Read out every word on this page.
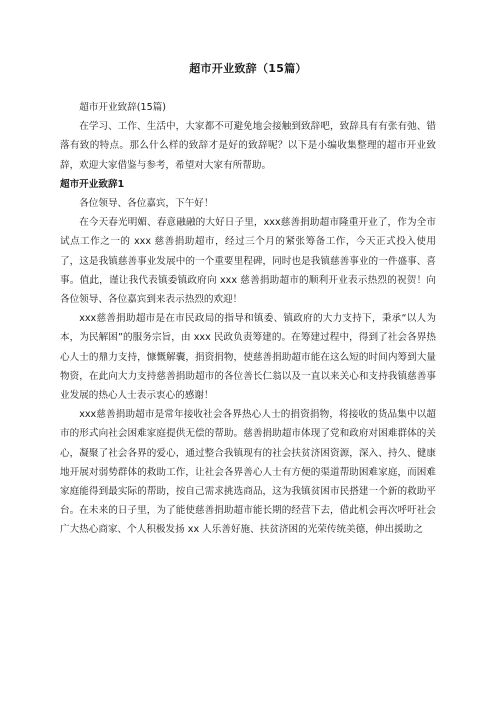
超市开业致辞（15篇）

超市开业致辞(15篇)

在学习、工作、生活中，大家都不可避免地会接触到致辞吧，致辞具有有张有弛、错落有致的特点。那么什么样的致辞才是好的致辞呢？以下是小编收集整理的超市开业致辞，欢迎大家借鉴与参考，希望对大家有所帮助。

超市开业致辞1

各位领导、各位嘉宾，下午好！

在今天春光明媚、春意融融的大好日子里，xxx慈善捐助超市隆重开业了，作为全市试点工作之一的 xxx 慈善捐助超市，经过三个月的紧张筹备工作，今天正式投入使用了，这是我镇慈善事业发展中的一个重要里程碑，同时也是我镇慈善事业的一件盛事、喜事。值此，谨让我代表镇委镇政府向 xxx 慈善捐助超市的顺利开业表示热烈的祝贺！向各位领导、各位嘉宾到来表示热烈的欢迎！

xxx慈善捐助超市是在市民政局的指导和镇委、镇政府的大力支持下，秉承“以人为本，为民解困”的服务宗旨，由 xxx 民政负责筹建的。在筹建过程中，得到了社会各界热心人士的鼎力支持，慷慨解囊，捐资捐物，使慈善捐助超市能在这么短的时间内筹到大量物资，在此向大力支持慈善捐助超市的各位善长仁翁以及一直以来关心和支持我镇慈善事业发展的热心人士表示衷心的感谢！

xxx慈善捐助超市是常年接收社会各界热心人士的捐资捐物，将接收的货品集中以超市的形式向社会困难家庭提供无偿的帮助。慈善捐助超市体现了党和政府对困难群体的关心，凝聚了社会各界的爱心，通过整合我镇现有的社会扶贫济困资源，深入、持久、健康地开展对弱势群体的救助工作，让社会各界善心人士有方便的渠道帮助困难家庭，而困难家庭能得到最实际的帮助，按自己需求挑选商品，这为我镇贫困市民搭建一个新的救助平台。在未来的日子里，为了能使慈善捐助超市能长期的经营下去，借此机会再次呼吁社会广大热心商家、个人积极发扬 xx 人乐善好施、扶贫济困的光荣传统美德，伸出援助之
